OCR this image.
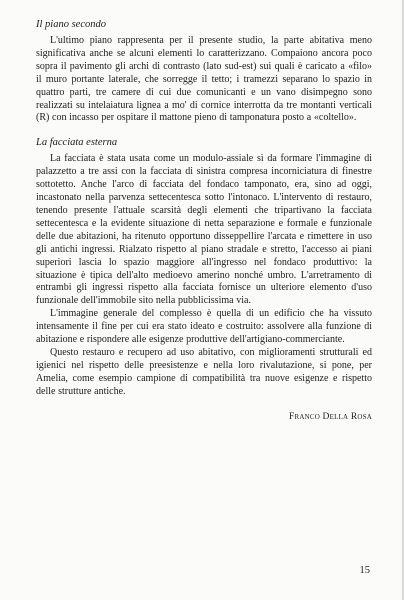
Il piano secondo

L'ultimo piano rappresenta per il presente studio, la parte abitativa meno significativa anche se alcuni elementi lo caratterizzano. Compaiono ancora poco sopra il pavimento gli archi di contrasto (lato sud-est) sui quali è caricato a «filo» il muro portante laterale, che sorregge il tetto; i tramezzi separano lo spazio in quattro parti, tre camere di cui due comunicanti e un vano disimpegno sono realizzati su intelaiatura lignea a mo' di cornice interrotta da tre montanti verticali (R) con incasso per ospitare il mattone pieno di tamponatura posto a «coltello».

La facciata esterna

La facciata è stata usata come un modulo-assiale sì da formare l'immagine di palazzetto a tre assi con la facciata di sinistra compresa incorniciatura di finestre sottotetto. Anche l'arco di facciata del fondaco tamponato, era, sino ad oggi, incastonato nella parvenza settecentesca sotto l'intonaco. L'intervento di restauro, tenendo presente l'attuale scarsità degli elementi che tripartivano la facciata settecentesca e la evidente situazione di netta separazione e formale e funzionale delle due abitazioni, ha ritenuto opportuno disseppellire l'arcata e rimettere in uso gli antichi ingressi. Rialzato rispetto al piano stradale e stretto, l'accesso ai piani superiori lascia lo spazio maggiore all'ingresso nel fondaco produttivo: la situazione è tipica dell'alto medioevo amerino nonché umbro. L'arretramento di entrambi gli ingressi rispetto alla facciata fornisce un ulteriore elemento d'uso funzionale dell'immobile sito nella pubblicissima via.

L'immagine generale del complesso è quella di un edificio che ha vissuto intensamente il fine per cui era stato ideato e costruito: assolvere alla funzione di abitazione e rispondere alle esigenze produttive dell'artigiano-commerciante.

Questo restauro e recupero ad uso abitativo, con miglioramenti strutturali ed igienici nel rispetto delle preesistenze e nella loro rivalutazione, si pone, per Amelia, come esempio campione di compatibilità tra nuove esigenze e rispetto delle strutture antiche.

Franco Della Rosa
15
